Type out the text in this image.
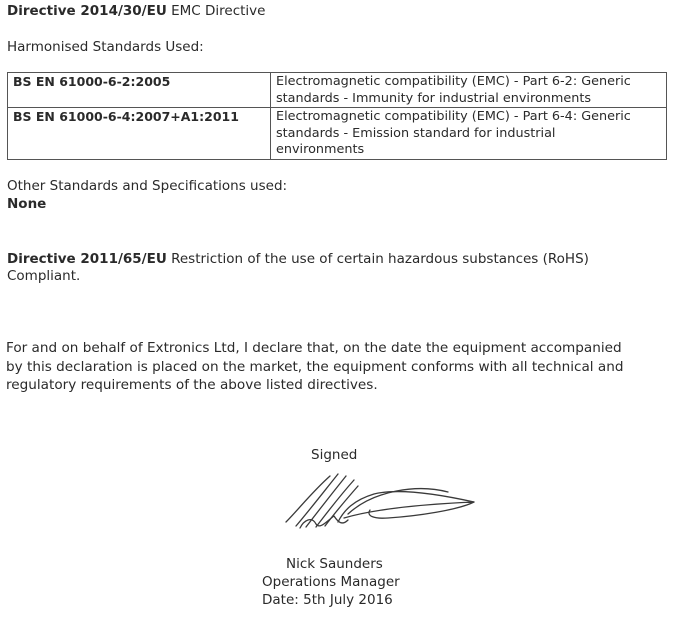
Directive 2014/30/EU EMC Directive
Harmonised Standards Used:
BS EN 61000-6-2:2005	Electromagnetic compatibility (EMC) - Part 6-2: Generic
standards - Immunity for industrial environments

BS EN 61000-6-4:2007+A1:2011	Electromagnetic compatibility (EMC) - Part 6-4: Generic
standards - Emission standard for industrial
environments
Other Standards and Specifications used:
None
Directive 2011/65/EU Restriction of the use of certain hazardous substances (RoHS)
Compliant.
For and on behalf of Extronics Ltd, I declare that, on the date the equipment accompanied
by this declaration is placed on the market, the equipment conforms with all technical and
regulatory requirements of the above listed directives.
Signed
Nick Saunders
Operations Manager
Date: 5th July 2016
